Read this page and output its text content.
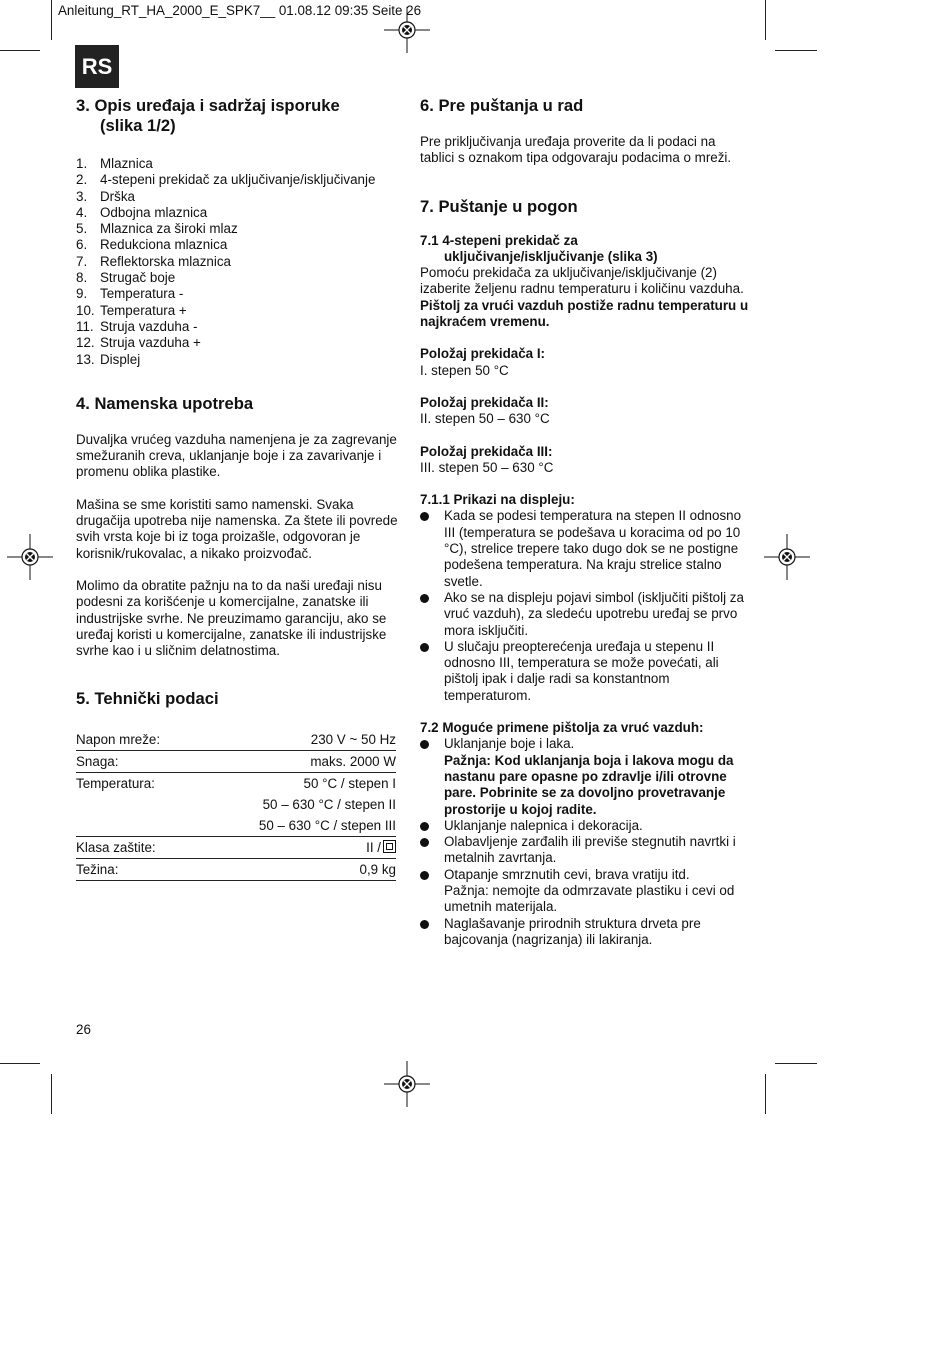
Anleitung_RT_HA_2000_E_SPK7__ 01.08.12 09:35 Seite 26
RS
3. Opis uređaja i sadržaj isporuke
(slika 1/2)
1. Mlaznica
2. 4-stepeni prekidač za uključivanje/isključivanje
3. Drška
4. Odbojna mlaznica
5. Mlaznica za široki mlaz
6. Redukciona mlaznica
7. Reflektorska mlaznica
8. Strugač boje
9. Temperatura -
10. Temperatura +
11. Struja vazduha -
12. Struja vazduha +
13. Displej
4. Namenska upotreba

Duvaljka vrućeg vazduha namenjena je za zagrevanje smežuranih creva, uklanjanje boje i za zavarivanje i promenu oblika plastike.

Mašina se sme koristiti samo namenski. Svaka drugačija upotreba nije namenska. Za štete ili povrede svih vrsta koje bi iz toga proizašle, odgovoran je korisnik/rukovalac, a nikako proizvođač.

Molimo da obratite pažnju na to da naši uređaji nisu podesni za korišćenje u komercijalne, zanatske ili industrijske svrhe. Ne preuzimamo garanciju, ako se uređaj koristi u komercijalne, zanatske ili industrijske svrhe kao i u sličnim delatnostima.

5. Tehnički podaci
Napon mreže:	230 V ~ 50 Hz
Snaga:	maks. 2000 W
Temperatura:	50 °C / stepen I
	50 – 630 °C / stepen II
	50 – 630 °C / stepen III
Klasa zaštite:	II /
Težina:	0,9 kg
6. Pre puštanja u rad

Pre priključivanja uređaja proverite da li podaci na tablici s oznakom tipa odgovaraju podacima o mreži.

7. Puštanje u pogon

7.1 4-stepeni prekidač za

uključivanje/isključivanje (slika 3)

Pomoću prekidača za uključivanje/isključivanje (2) izaberite željenu radnu temperaturu i količinu vazduha.

Pištolj za vrući vazduh postiže radnu temperaturu u najkraćem vremenu.

Položaj prekidača I:

I. stepen 50 °C

Položaj prekidača II:

II. stepen 50 – 630 °C

Položaj prekidača III:

III. stepen 50 – 630 °C

7.1.1 Prikazi na displeju:

Kada se podesi temperatura na stepen II odnosno III (temperatura se podešava u koracima od po 10 °C), strelice trepere tako dugo dok se ne postigne podešena temperatura. Na kraju strelice stalno svetle.
Ako se na displeju pojavi simbol (isključiti pištolj za vruć vazduh), za sledeću upotrebu uređaj se prvo mora isključiti.
U slučaju preopterećenja uređaja u stepenu II odnosno III, temperatura se može povećati, ali pištolj ipak i dalje radi sa konstantnom temperaturom.

7.2 Moguće primene pištolja za vruć vazduh:

Uklanjanje boje i laka.
Pažnja: Kod uklanjanja boja i lakova mogu da nastanu pare opasne po zdravlje i/ili otrovne pare. Pobrinite se za dovoljno provetravanje prostorije u kojoj radite.
Uklanjanje nalepnica i dekoracija.
Olabavljenje zarđalih ili previše stegnutih navrtki i metalnih zavrtanja.
Otapanje smrznutih cevi, brava vratiju itd.
Pažnja: nemojte da odmrzavate plastiku i cevi od umetnih materijala.
Naglašavanje prirodnih struktura drveta pre bajcovanja (nagrizanja) ili lakiranja.
26
